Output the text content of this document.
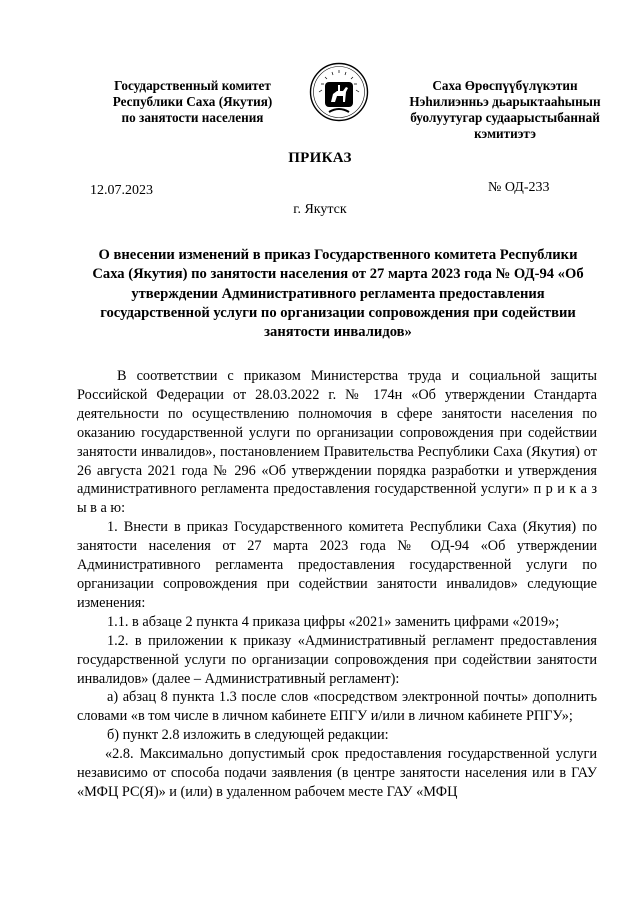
Государственный комитет
Республики Саха (Якутия)
по занятости населения
Саха Өрөспүүбүлүкэтин
Нэһилиэнньэ дьарыктааһынын
буолуутугар судаарыстыбаннай
кэмитиэтэ
ПРИКАЗ
12.07.2023	№ ОД-233
г. Якутск
О внесении изменений в приказ Государственного комитета Республики Саха (Якутия) по занятости населения от 27 марта 2023 года № ОД-94 «Об утверждении Административного регламента предоставления государственной услуги по организации сопровождения при содействии занятости инвалидов»

В соответствии с приказом Министерства труда и социальной защиты Российской Федерации от 28.03.2022 г. № 174н «Об утверждении Стандарта деятельности по осуществлению полномочия в сфере занятости населения по оказанию государственной услуги по организации сопровождения при содействии занятости инвалидов», постановлением Правительства Республики Саха (Якутия) от 26 августа 2021 года № 296 «Об утверждении порядка разработки и утверждения административного регламента предоставления государственной услуги» п р и к а з ы в а ю:

1. Внести в приказ Государственного комитета Республики Саха (Якутия) по занятости населения от 27 марта 2023 года № ОД-94 «Об утверждении Административного регламента предоставления государственной услуги по организации сопровождения при содействии занятости инвалидов» следующие изменения:

1.1. в абзаце 2 пункта 4 приказа цифры «2021» заменить цифрами «2019»;

1.2. в приложении к приказу «Административный регламент предоставления государственной услуги по организации сопровождения при содействии занятости инвалидов» (далее – Административный регламент):

а) абзац 8 пункта 1.3 после слов «посредством электронной почты» дополнить словами «в том числе в личном кабинете ЕПГУ и/или в личном кабинете РПГУ»;

б) пункт 2.8 изложить в следующей редакции:

«2.8. Максимально допустимый срок предоставления государственной услуги независимо от способа подачи заявления (в центре занятости населения или в ГАУ «МФЦ РС(Я)» и (или) в удаленном рабочем месте ГАУ «МФЦ
